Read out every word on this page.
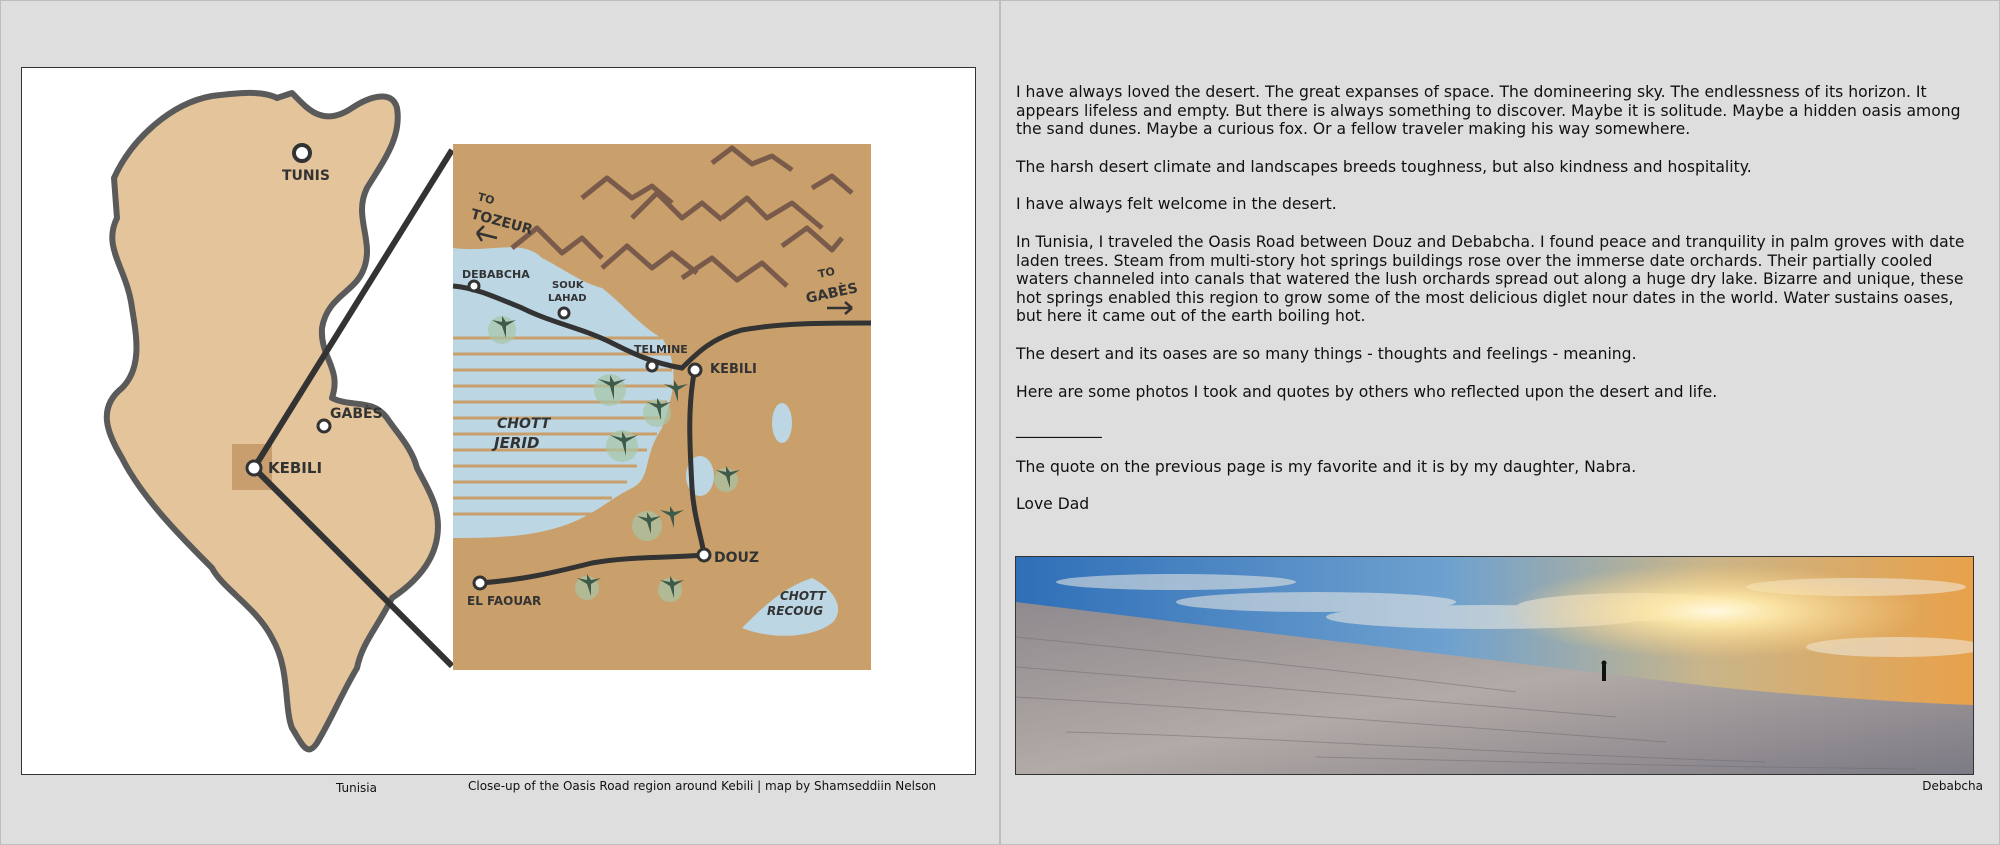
TUNIS
GABÈS
KEBILI
TO
TOZEUR
TO
GABÈS
DEBABCHA
SOUK
LAHAD
TELMINE
KEBILI
CHOTT
JERID
DOUZ
EL FAOUAR	CHOTT
RECOUG
Tunisia	Close-up of the Oasis Road region around Kebili | map by Shamseddiin Nelson

I have always loved the desert. The great expanses of space. The domineering sky. The endlessness of its horizon. It appears lifeless and empty. But there is always something to discover. Maybe it is solitude. Maybe a hidden oasis among the sand dunes. Maybe a curious fox. Or a fellow traveler making his way somewhere.

The harsh desert climate and landscapes breeds toughness, but also kindness and hospitality.

I have always felt welcome in the desert.

In Tunisia, I traveled the Oasis Road between Douz and Debabcha. I found peace and tranquility in palm groves with date laden trees. Steam from multi-story hot springs buildings rose over the immerse date orchards. Their partially cooled waters channeled into canals that watered the lush orchards spread out along a huge dry lake. Bizarre and unique, these hot springs enabled this region to grow some of the most delicious diglet nour dates in the world. Water sustains oases, but here it came out of the earth boiling hot.

The desert and its oases are so many things - thoughts and feelings - meaning.

Here are some photos I took and quotes by others who reflected upon the desert and life.

___________

The quote on the previous page is my favorite and it is by my daughter, Nabra.

Love Dad

Debabcha
